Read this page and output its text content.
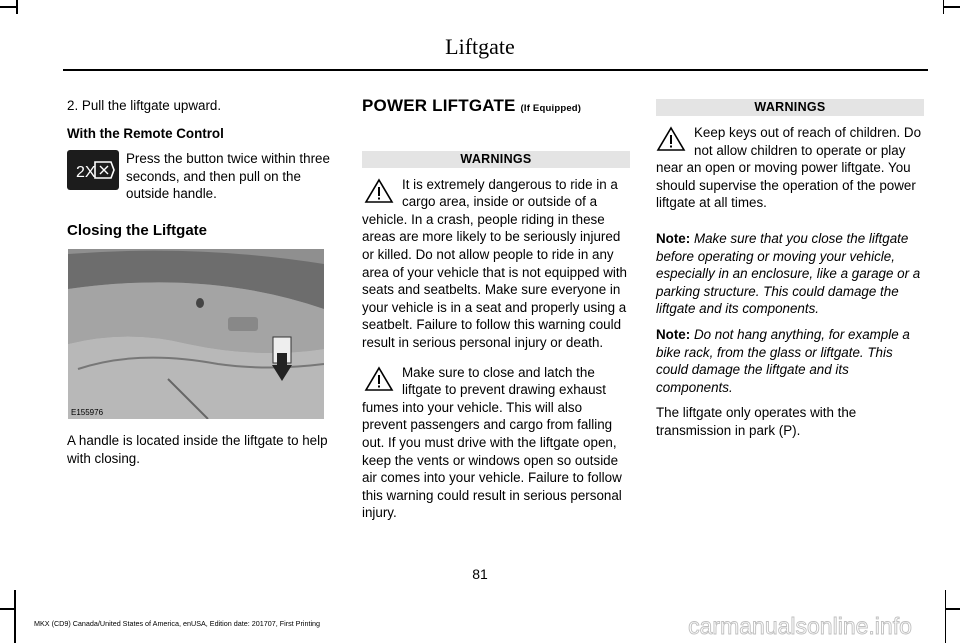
Liftgate

2. Pull the liftgate upward.

With the Remote Control

Press the button twice within three seconds, and then pull on the outside handle.
Closing the Liftgate
2X
E155976
A handle is located inside the liftgate to help with closing.
POWER LIFTGATE (If Equipped)
WARNINGS
It is extremely dangerous to ride in a cargo area, inside or outside of a vehicle. In a crash, people riding in these areas are more likely to be seriously injured or killed. Do not allow people to ride in any area of your vehicle that is not equipped with seats and seatbelts. Make sure everyone in your vehicle is in a seat and properly using a seatbelt. Failure to follow this warning could result in serious personal injury or death.
Make sure to close and latch the liftgate to prevent drawing exhaust fumes into your vehicle. This will also prevent passengers and cargo from falling out. If you must drive with the liftgate open, keep the vents or windows open so outside air comes into your vehicle. Failure to follow this warning could result in serious personal injury.
WARNINGS
Keep keys out of reach of children. Do not allow children to operate or play near an open or moving power liftgate. You should supervise the operation of the power liftgate at all times.

Note: Make sure that you close the liftgate before operating or moving your vehicle, especially in an enclosure, like a garage or a parking structure. This could damage the liftgate and its components.

Note: Do not hang anything, for example a bike rack, from the glass or liftgate. This could damage the liftgate and its components.

The liftgate only operates with the transmission in park (P).

81
MKX (CD9) Canada/United States of America, enUSA, Edition date: 201707, First Printing	carmanualsonline.info
